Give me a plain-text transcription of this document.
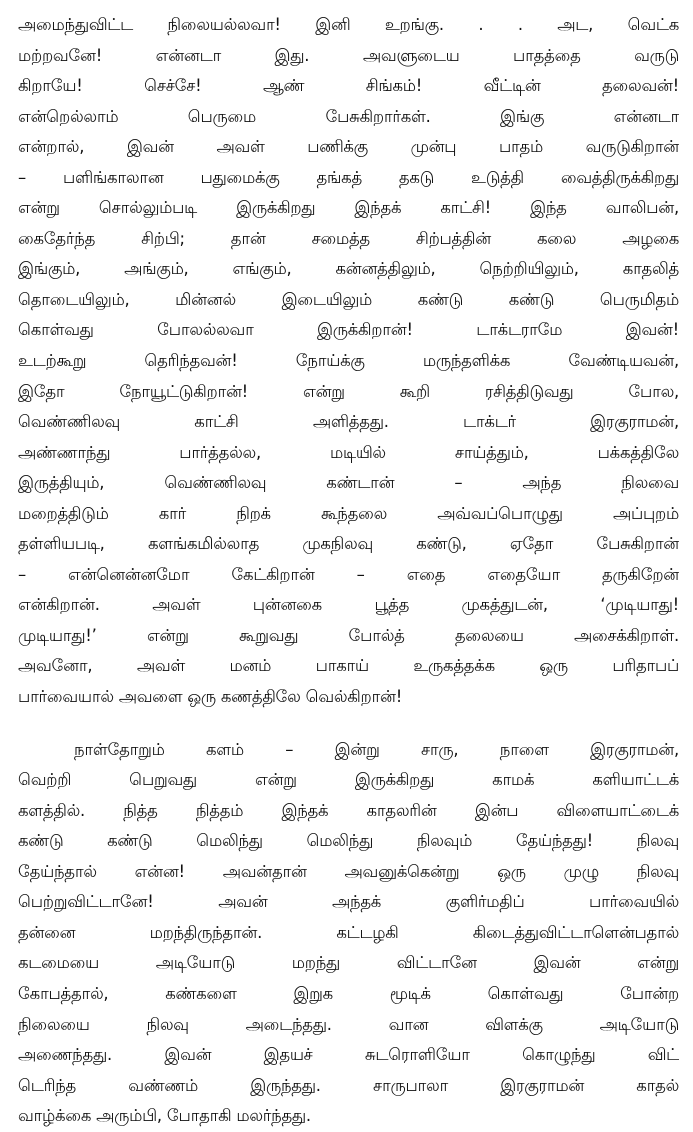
அமைந்துவிட்ட நிலையல்லவா! இனி உறங்கு. . . அட, வெட்க
மற்றவனே! என்னடா இது. அவளுடைய பாதத்தை வருடு
கிறாயே! செச்சே! ஆண் சிங்கம்! வீட்டின் தலைவன்!
என்றெல்லாம் பெருமை பேசுகிறார்கள். இங்கு என்னடா
என்றால், இவன் அவள் பணிக்கு முன்பு பாதம் வருடுகிறான்
– பளிங்காலான பதுமைக்கு தங்கத் தகடு உடுத்தி வைத்திருக்கிறது
என்று சொல்லும்படி இருக்கிறது இந்தக் காட்சி! இந்த வாலிபன்,
கைதேர்ந்த சிற்பி; தான் சமைத்த சிற்பத்தின் கலை அழகை
இங்கும், அங்கும், எங்கும், கன்னத்திலும், நெற்றியிலும், காதலித்
தொடையிலும், மின்னல் இடையிலும் கண்டு கண்டு பெருமிதம்
கொள்வது போலல்லவா இருக்கிறான்! டாக்டராமே இவன்!
உடற்கூறு தெரிந்தவன்! நோய்க்கு மருந்தளிக்க வேண்டியவன்,
இதோ நோயூட்டுகிறான்! என்று கூறி ரசித்திடுவது போல,
வெண்ணிலவு காட்சி அளித்தது. டாக்டர் இரகுராமன்,
அண்ணாந்து பார்த்தல்ல, மடியில் சாய்த்தும், பக்கத்திலே
இருத்தியும், வெண்ணிலவு கண்டான் – அந்த நிலவை
மறைத்திடும் கார் நிறக் கூந்தலை அவ்வப்பொழுது அப்புறம்
தள்ளியபடி, களங்கமில்லாத முகநிலவு கண்டு, ஏதோ பேசுகிறான்
– என்னென்னமோ கேட்கிறான் – எதை எதையோ தருகிறேன்
என்கிறான். அவள் புன்னகை பூத்த முகத்துடன், ‘முடியாது!
முடியாது!’ என்று கூறுவது போல்த் தலையை அசைக்கிறாள்.
அவனோ, அவள் மனம் பாகாய் உருகத்தக்க ஒரு பரிதாபப்
பார்வையால் அவளை ஒரு கணத்திலே வெல்கிறான்!
நாள்தோறும் களம் – இன்று சாரு, நாளை இரகுராமன்,
வெற்றி பெறுவது என்று இருக்கிறது காமக் களியாட்டக்
களத்தில். நித்த நித்தம் இந்தக் காதலரின் இன்ப விளையாட்டைக்
கண்டு கண்டு மெலிந்து மெலிந்து நிலவும் தேய்ந்தது! நிலவு
தேய்ந்தால் என்ன! அவன்தான் அவனுக்கென்று ஒரு முழு நிலவு
பெற்றுவிட்டானே! அவன் அந்தக் குளிர்மதிப் பார்வையில்
தன்னை மறந்திருந்தான். கட்டழகி கிடைத்துவிட்டாளென்பதால்
கடமையை அடியோடு மறந்து விட்டானே இவன் என்று
கோபத்தால், கண்களை இறுக மூடிக் கொள்வது போன்ற
நிலையை நிலவு அடைந்தது. வான விளக்கு அடியோடு
அணைந்தது. இவன் இதயச் சுடரொளியோ கொழுந்து விட்
டெரிந்த வண்ணம் இருந்தது. சாருபாலா இரகுராமன் காதல்
வாழ்க்கை அரும்பி, போதாகி மலர்ந்தது.
